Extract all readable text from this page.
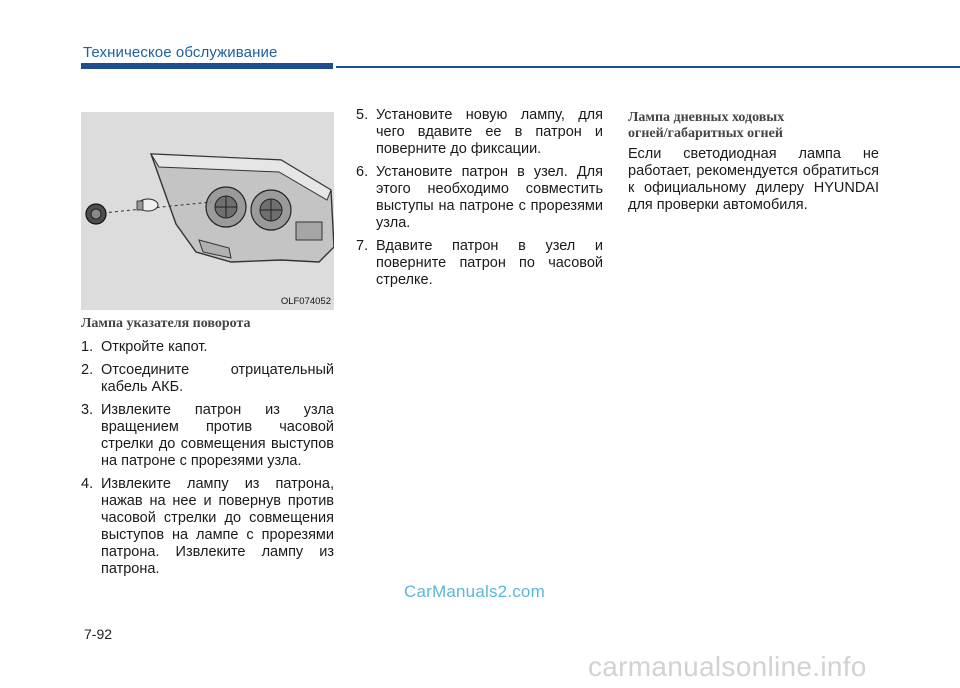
Техническое обслуживание
OLF074052
Лампа указателя поворота
1. Откройте капот.
2. Отсоедините отрицательный кабель АКБ.
3. Извлеките патрон из узла вращением против часовой стрелки до совмещения выступов на патроне с прорезями узла.
4. Извлеките лампу из патрона, нажав на нее и повернув против часовой стрелки до совмещения выступов на лампе с прорезями патрона. Извлеките лампу из патрона.
5. Установите новую лампу, для чего вдавите ее в патрон и поверните до фиксации.
6. Установите патрон в узел. Для этого необходимо совместить выступы на патроне с прорезями узла.
7. Вдавите патрон в узел и поверните патрон по часовой стрелке.
Лампа дневных ходовых
огней/габаритных огней
Если светодиодная лампа не работает, рекомендуется обратиться к официальному дилеру HYUNDAI для проверки автомобиля.
7-92
CarManuals2.com
carmanualsonline.info
